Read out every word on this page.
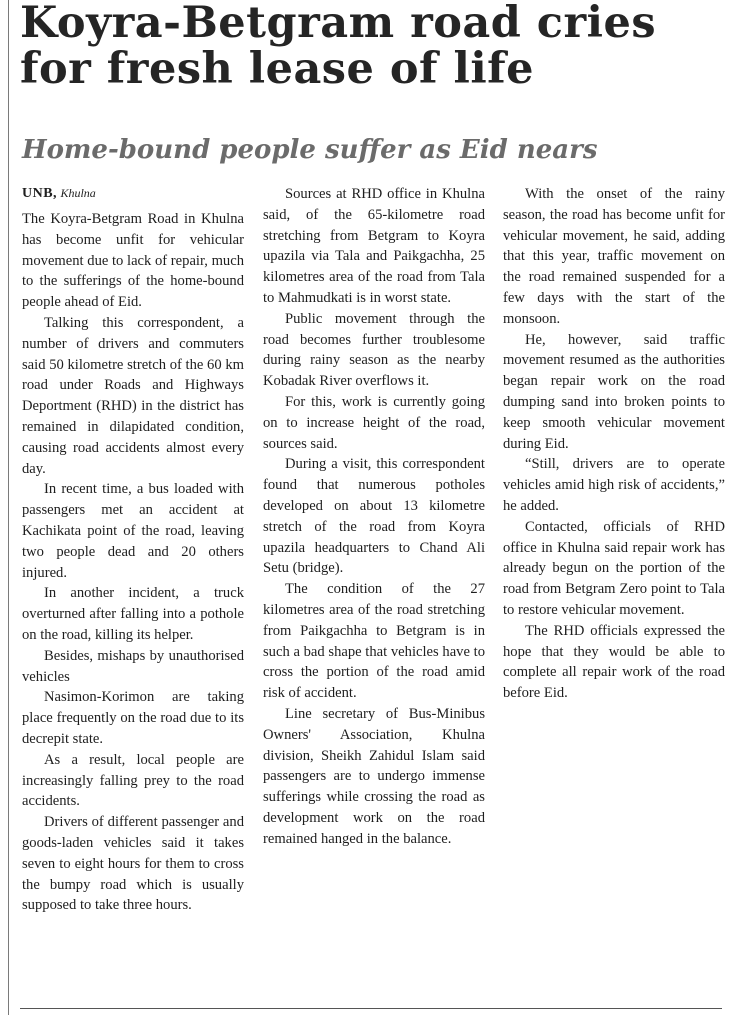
Koyra-Betgram road cries
for fresh lease of life
Home-bound people suffer as Eid nears
UNB, Khulna

The Koyra-Betgram Road in Khulna has become unfit for vehicular movement due to lack of repair, much to the sufferings of the home-bound people ahead of Eid.

Talking this correspondent, a number of drivers and commuters said 50 kilometre stretch of the 60 km road under Roads and Highways Deportment (RHD) in the district has remained in dilapidated condition, causing road accidents almost every day.

In recent time, a bus loaded with passengers met an accident at Kachikata point of the road, leaving two people dead and 20 others injured.

In another incident, a truck overturned after falling into a pothole on the road, killing its helper.

Besides, mishaps by unauthorised vehicles

Nasimon-Korimon are taking place frequently on the road due to its decrepit state.

As a result, local people are increasingly falling prey to the road accidents.

Drivers of different passenger and goods-laden vehicles said it takes seven to eight hours for them to cross the bumpy road which is usually supposed to take three hours.

Sources at RHD office in Khulna said, of the 65-kilometre road stretching from Betgram to Koyra upazila via Tala and Paikgachha, 25 kilometres area of the road from Tala to Mahmudkati is in worst state.

Public movement through the road becomes further troublesome during rainy season as the nearby Kobadak River overflows it.

For this, work is currently going on to increase height of the road, sources said.

During a visit, this correspondent found that numerous potholes developed on about 13 kilometre stretch of the road from Koyra upazila headquarters to Chand Ali Setu (bridge).

The condition of the 27 kilometres area of the road stretching from Paikgachha to Betgram is in such a bad shape that vehicles have to cross the portion of the road amid risk of accident.

Line secretary of Bus-Minibus Owners' Association, Khulna division, Sheikh Zahidul Islam said passengers are to undergo immense sufferings while crossing the road as development work on the road remained hanged in the balance.

With the onset of the rainy season, the road has become unfit for vehicular movement, he said, adding that this year, traffic movement on the road remained suspended for a few days with the start of the monsoon.

He, however, said traffic movement resumed as the authorities began repair work on the road dumping sand into broken points to keep smooth vehicular movement during Eid.

“Still, drivers are to operate vehicles amid high risk of accidents,” he added.

Contacted, officials of RHD office in Khulna said repair work has already begun on the portion of the road from Betgram Zero point to Tala to restore vehicular movement.

The RHD officials expressed the hope that they would be able to complete all repair work of the road before Eid.
